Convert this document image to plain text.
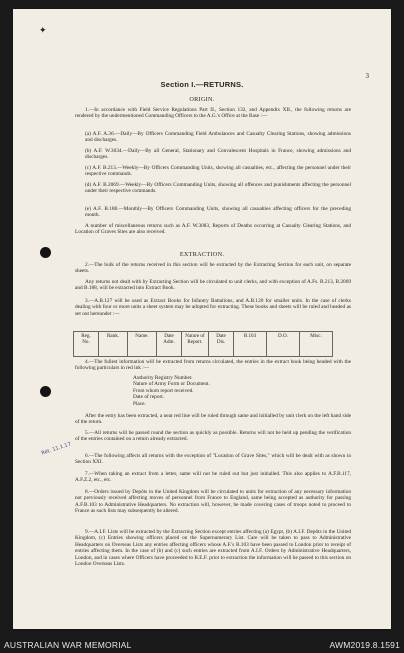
✦
3
Section I.—RETURNS.
ORIGIN.
1.—In accordance with Field Service Regulations Part II., Section 132, and Appendix XII., the following returns are rendered by the undermentioned Commanding Officers to the A.G.'s Office at the Base :—
(a) A.F. A.36.—Daily—By Officers Commanding Field Ambulances and Casualty Clearing Stations, showing admissions and discharges.
(b) A.F. W.3034.—Daily—By all General, Stationary and Convalescent Hospitals in France, showing admissions and discharges.
(c) A.F. B.213.—Weekly—By Officers Commanding Units, showing all casualties, etc., affecting the personnel under their respective commands.
(d) A.F. B.2069.—Weekly—By Officers Commanding Units, showing all offences and punishments affecting the personnel under their respective commands.
(e) A.F. B.188.—Monthly—By Officers Commanding Units, showing all casualties affecting officers for the preceding month.
A number of miscellaneous returns such as A.F. W.3083, Reports of Deaths occurring at Casualty Clearing Stations, and Location of Graves Sites are also received.
EXTRACTION.
2.—The bulk of the returns received in this section will be extracted by the Extracting Section for each unit, on separate sheets.
Any returns not dealt with by Extracting Section will be circulated to unit clerks, and with exception of A.Fs. B.213, B.2069 and B.188, will be extracted into Extract Book.
3.—A.B.127 will be used as Extract Books for Infantry Battalions, and A.B.120 for smaller units. In the case of clerks dealing with four or more units a sheet system may be adopted for extracting. These books and sheets will be ruled and headed as set out hereunder :—
Reg. No.	Rank.	Name.	Date Adm.	Nature of Report.	Date Dis.	B.103	D.O.	Misc.
4.—The fullest information will be extracted from returns circulated, the entries in the extract book being headed with the following particulars in red ink :—
Authority Registry Number.
Nature of Army Form or Document.
From whom report received.
Date of report.
Place.
After the entry has been extracted, a neat red line will be ruled through same and initialled by unit clerk on the left hand side of the return.
5.—All returns will be passed round the section as quickly as possible. Returns will not be held up pending the verification of the entries contained on a return already extracted.
6.—The following affects all returns with the exception of "Location of Grave Sites," which will be dealt with as shown in Section XXI.
7.—When taking an extract from a letter, same will not be ruled out but just initialled. This also applies to A.F.B.117, A.F.Z.2, etc., etc.
8.—Orders issued by Depôts in the United Kingdom will be circulated to units for extraction of any necessary information not previously received affecting moves of personnel from France to England, same being accepted as authority for passing A.F.B.103 to Administrative Headquarters. No extraction will, however, be made covering cases of troops noted to proceed to France as such lists may subsequently be altered.
9.—A.I.F. Lists will be extracted by the Extracting Section except entries affecting (a) Egypt, (b) A.I.F. Depôts in the United Kingdom, (c) Entries showing officers placed on the Supernumerary List. Care will be taken to pass to Administrative Headquarters on Overseas Lists any entries affecting officers whose A.F.'s B.103 have been passed to London prior to receipt of entries affecting them. In the case of (b) and (c) such entries are extracted from A.I.F. Orders by Administrative Headquarters, London, and in cases where Officers have proceeded to B.E.F. prior to extraction the information will be passed to this section on London Overseas Lists.
Ret. 11.1.17
AUSTRALIAN WAR MEMORIAL	AWM2019.8.1591
